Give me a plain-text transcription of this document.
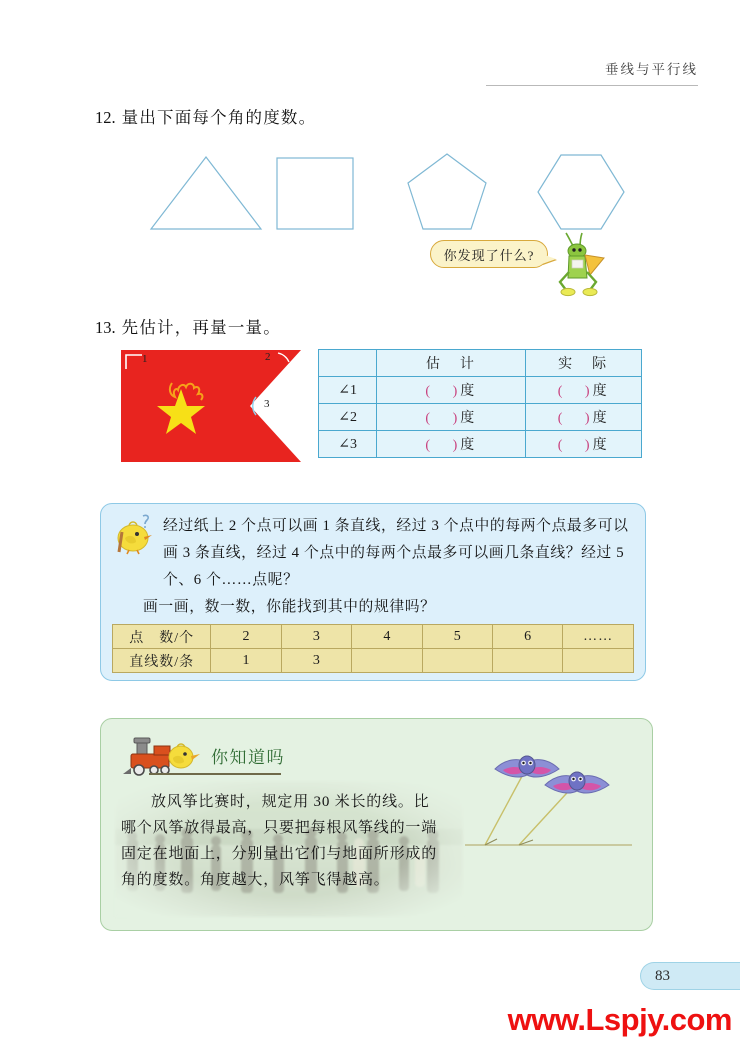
垂线与平行线
12. 量出下面每个角的度数。
你发现了什么?
13. 先估计，再量一量。
1	2
3
	估　计	实　际
∠1	( )度	( )度
∠2	( )度	( )度
∠3	( )度	( )度

经过纸上 2 个点可以画 1 条直线，经过 3 个点中的每两个点最多可以画 3 条直线，经过 4 个点中的每两个点最多可以画几条直线？经过 5 个、6 个……点呢？

画一画，数一数，你能找到其中的规律吗？

点　数/个	2	3	4	5	6	……
直线数/条	1	3				
你知道吗

放风筝比赛时，规定用 30 米长的线。比哪个风筝放得最高，只要把每根风筝线的一端固定在地面上，分别量出它们与地面所形成的角的度数。角度越大，风筝飞得越高。

83
www.Lspjy.com
